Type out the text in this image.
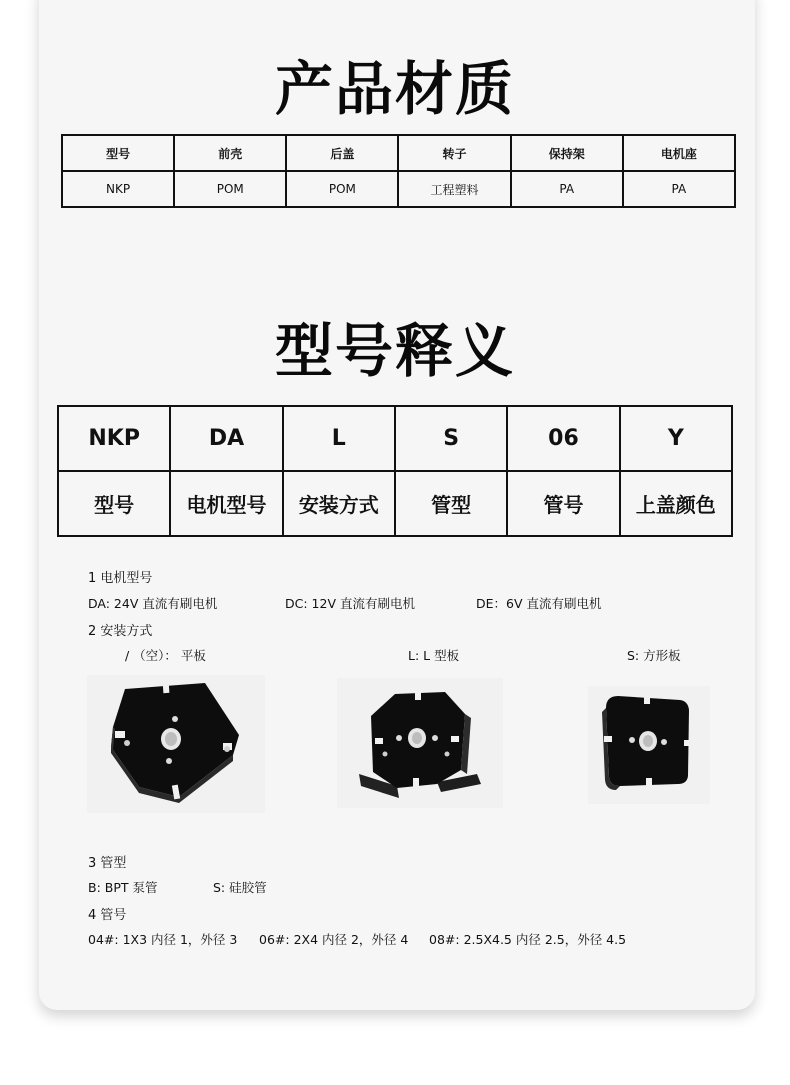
产品材质
型号	前壳	后盖	转子	保持架	电机座
NKP	POM	POM	工程塑料	PA	PA
型号释义
NKP	DA	L	S	06	Y
型号	电机型号	安装方式	管型	管号	上盖颜色
1 电机型号
DA: 24V 直流有刷电机	DC: 12V 直流有刷电机	DE：6V 直流有刷电机
2 安装方式
/ （空）： 平板	L: L 型板	S: 方形板
3 管型
B: BPT 泵管	S: 硅胶管
4 管号
04#: 1X3 内径 1，外径 3 06#: 2X4 内径 2，外径 4 08#: 2.5X4.5 内径 2.5，外径 4.5
